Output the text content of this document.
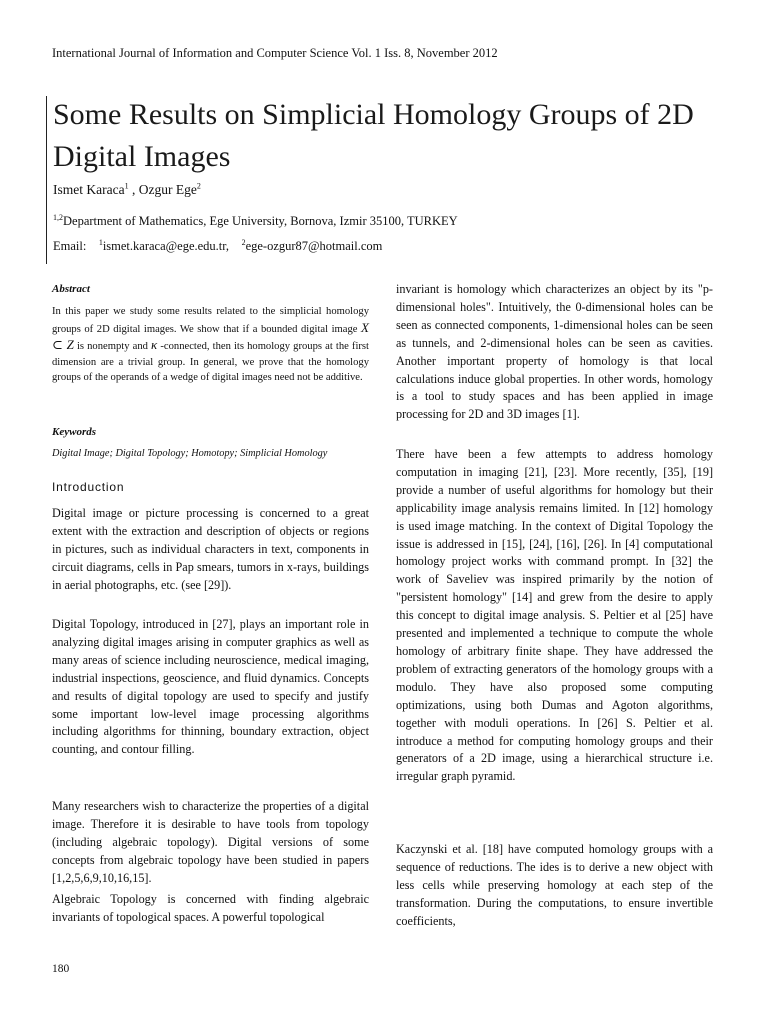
International Journal of Information and Computer Science Vol. 1 Iss. 8, November 2012
Some Results on Simplicial Homology Groups of 2D Digital Images
Ismet Karaca$^1$ , Ozgur Ege$^2$
$^{1,2}$Department of Mathematics, Ege University, Bornova, Izmir 35100, TURKEY
Email: $^1$ismet.karaca@ege.edu.tr, $^2$ege-ozgur87@hotmail.com
Abstract
In this paper we study some results related to the simplicial homology groups of 2D digital images. We show that if a bounded digital image X ⊂ Z is nonempty and κ -connected, then its homology groups at the first dimension are a trivial group. In general, we prove that the homology groups of the operands of a wedge of digital images need not be additive.
Keywords
Digital Image; Digital Topology; Homotopy; Simplicial Homology
Introduction
Digital image or picture processing is concerned to a great extent with the extraction and description of objects or regions in pictures, such as individual characters in text, components in circuit diagrams, cells in Pap smears, tumors in x-rays, buildings in aerial photographs, etc. (see [29]).
Digital Topology, introduced in [27], plays an important role in analyzing digital images arising in computer graphics as well as many areas of science including neuroscience, medical imaging, industrial inspections, geoscience, and fluid dynamics. Concepts and results of digital topology are used to specify and justify some important low-level image processing algorithms including algorithms for thinning, boundary extraction, object counting, and contour filling.
Many researchers wish to characterize the properties of a digital image. Therefore it is desirable to have tools from topology (including algebraic topology). Digital versions of some concepts from algebraic topology have been studied in papers [1,2,5,6,9,10,16,15].
Algebraic Topology is concerned with finding algebraic invariants of topological spaces. A powerful topological
invariant is homology which characterizes an object by its "p-dimensional holes". Intuitively, the 0-dimensional holes can be seen as connected components, 1-dimensional holes can be seen as tunnels, and 2-dimensional holes can be seen as cavities. Another important property of homology is that local calculations induce global properties. In other words, homology is a tool to study spaces and has been applied in image processing for 2D and 3D images [1].
There have been a few attempts to address homology computation in imaging [21], [23]. More recently, [35], [19] provide a number of useful algorithms for homology but their applicability image analysis remains limited. In [12] homology is used image matching. In the context of Digital Topology the issue is addressed in [15], [24], [16], [26]. In [4] computational homology project works with command prompt. In [32] the work of Saveliev was inspired primarily by the notion of "persistent homology" [14] and grew from the desire to apply this concept to digital image analysis. S. Peltier et al [25] have presented and implemented a technique to compute the whole homology of arbitrary finite shape. They have addressed the problem of extracting generators of the homology groups with a modulo. They have also proposed some computing optimizations, using both Dumas and Agoton algorithms, together with moduli operations. In [26] S. Peltier et al. introduce a method for computing homology groups and their generators of a 2D image, using a hierarchical structure i.e. irregular graph pyramid.
Kaczynski et al. [18] have computed homology groups with a sequence of reductions. The ides is to derive a new object with less cells while preserving homology at each step of the transformation. During the computations, to ensure invertible coefficients,
180
